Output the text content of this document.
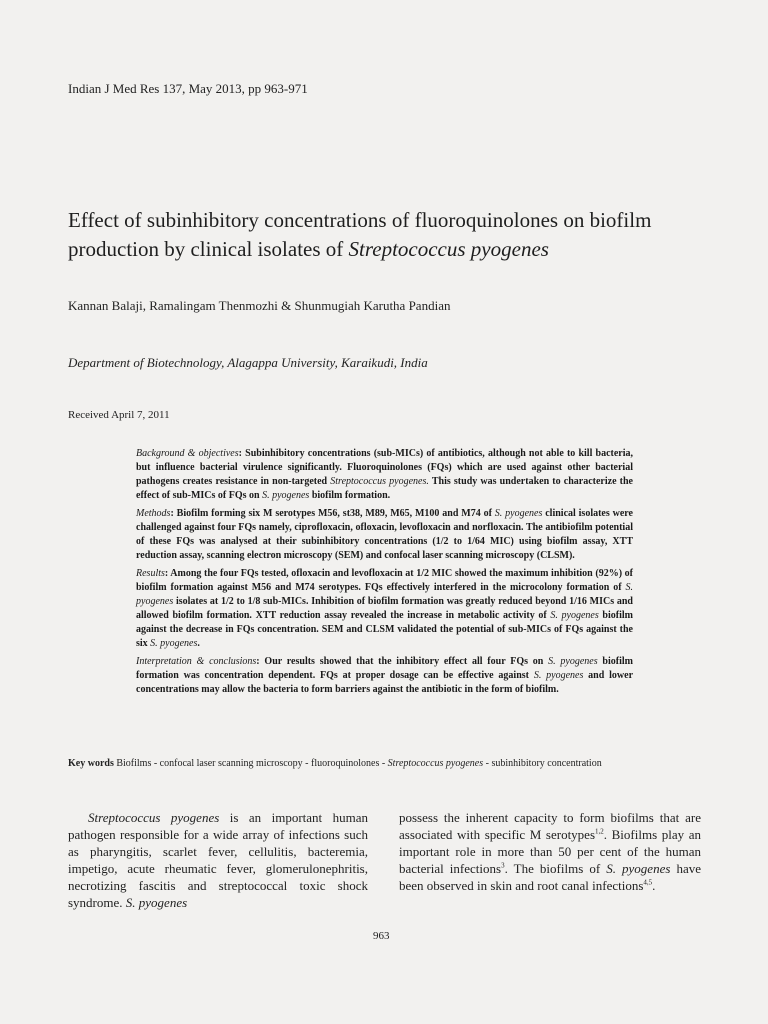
Indian J Med Res 137, May 2013, pp 963-971
Effect of subinhibitory concentrations of fluoroquinolones on biofilm production by clinical isolates of Streptococcus pyogenes
Kannan Balaji, Ramalingam Thenmozhi & Shunmugiah Karutha Pandian
Department of Biotechnology, Alagappa University, Karaikudi, India
Received April 7, 2011

Background & objectives: Subinhibitory concentrations (sub-MICs) of antibiotics, although not able to kill bacteria, but influence bacterial virulence significantly. Fluoroquinolones (FQs) which are used against other bacterial pathogens creates resistance in non-targeted Streptococcus pyogenes. This study was undertaken to characterize the effect of sub-MICs of FQs on S. pyogenes biofilm formation.

Methods: Biofilm forming six M serotypes M56, st38, M89, M65, M100 and M74 of S. pyogenes clinical isolates were challenged against four FQs namely, ciprofloxacin, ofloxacin, levofloxacin and norfloxacin. The antibiofilm potential of these FQs was analysed at their subinhibitory concentrations (1/2 to 1/64 MIC) using biofilm assay, XTT reduction assay, scanning electron microscopy (SEM) and confocal laser scanning microscopy (CLSM).

Results: Among the four FQs tested, ofloxacin and levofloxacin at 1/2 MIC showed the maximum inhibition (92%) of biofilm formation against M56 and M74 serotypes. FQs effectively interfered in the microcolony formation of S. pyogenes isolates at 1/2 to 1/8 sub-MICs. Inhibition of biofilm formation was greatly reduced beyond 1/16 MICs and allowed biofilm formation. XTT reduction assay revealed the increase in metabolic activity of S. pyogenes biofilm against the decrease in FQs concentration. SEM and CLSM validated the potential of sub-MICs of FQs against the six S. pyogenes.

Interpretation & conclusions: Our results showed that the inhibitory effect all four FQs on S. pyogenes biofilm formation was concentration dependent. FQs at proper dosage can be effective against S. pyogenes and lower concentrations may allow the bacteria to form barriers against the antibiotic in the form of biofilm.

Key words Biofilms - confocal laser scanning microscopy - fluoroquinolones - Streptococcus pyogenes - subinhibitory concentration
Streptococcus pyogenes is an important human pathogen responsible for a wide array of infections such as pharyngitis, scarlet fever, cellulitis, bacteremia, impetigo, acute rheumatic fever, glomerulonephritis, necrotizing fascitis and streptococcal toxic shock syndrome. S. pyogenes
possess the inherent capacity to form biofilms that are associated with specific M serotypes$^{1,2}$. Biofilms play an important role in more than 50 per cent of the human bacterial infections$^3$. The biofilms of S. pyogenes have been observed in skin and root canal infections$^{4,5}$.
963
